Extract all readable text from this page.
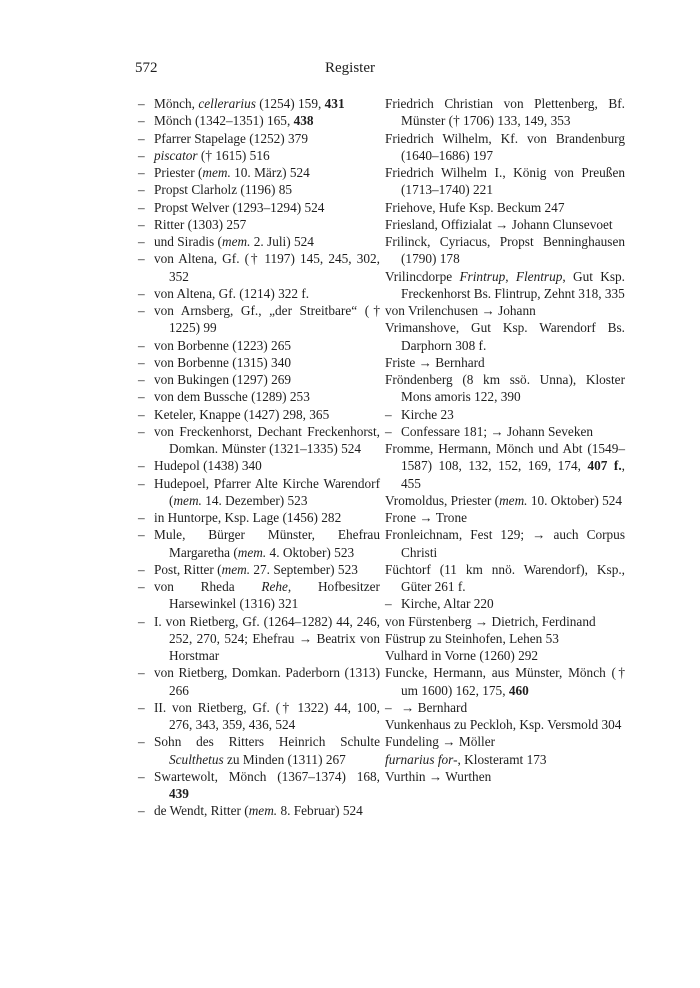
572	Register
– Mönch, cellerarius (1254) 159, 431
– Mönch (1342–1351) 165, 438
– Pfarrer Stapelage (1252) 379
– piscator († 1615) 516
– Priester (mem. 10. März) 524
– Propst Clarholz (1196) 85
– Propst Welver (1293–1294) 524
– Ritter (1303) 257
– und Siradis (mem. 2. Juli) 524
– von Altena, Gf. († 1197) 145, 245, 302, 352
– von Altena, Gf. (1214) 322 f.
– von Arnsberg, Gf., „der Streitbare“ († 1225) 99
– von Borbenne (1223) 265
– von Borbenne (1315) 340
– von Bukingen (1297) 269
– von dem Bussche (1289) 253
– Keteler, Knappe (1427) 298, 365
– von Freckenhorst, Dechant Freckenhorst, Domkan. Münster (1321–1335) 524
– Hudepol (1438) 340
– Hudepoel, Pfarrer Alte Kirche Warendorf (mem. 14. Dezember) 523
– in Huntorpe, Ksp. Lage (1456) 282
– Mule, Bürger Münster, Ehefrau Margaretha (mem. 4. Oktober) 523
– Post, Ritter (mem. 27. September) 523
– von Rheda Rehe, Hofbesitzer Harsewinkel (1316) 321
– I. von Rietberg, Gf. (1264–1282) 44, 246, 252, 270, 524; Ehefrau → Beatrix von Horstmar
– von Rietberg, Domkan. Paderborn (1313) 266
– II. von Rietberg, Gf. († 1322) 44, 100, 276, 343, 359, 436, 524
– Sohn des Ritters Heinrich Schulte Sculthetus zu Minden (1311) 267
– Swartewolt, Mönch (1367–1374) 168, 439
– de Wendt, Ritter (mem. 8. Februar) 524
Friedrich Christian von Plettenberg, Bf. Münster († 1706) 133, 149, 353
Friedrich Wilhelm, Kf. von Brandenburg (1640–1686) 197
Friedrich Wilhelm I., König von Preußen (1713–1740) 221
Friehove, Hufe Ksp. Beckum 247
Friesland, Offizialat → Johann Clunsevoet
Frilinck, Cyriacus, Propst Benninghausen (1790) 178
Vrilincdorpe Frintrup, Flentrup, Gut Ksp. Freckenhorst Bs. Flintrup, Zehnt 318, 335
von Vrilenchusen → Johann
Vrimanshove, Gut Ksp. Warendorf Bs. Darphorn 308 f.
Friste → Bernhard
Fröndenberg (8 km ssö. Unna), Kloster Mons amoris 122, 390
– Kirche 23
– Confessare 181; → Johann Seveken
Fromme, Hermann, Mönch und Abt (1549–1587) 108, 132, 152, 169, 174, 407 f., 455
Vromoldus, Priester (mem. 10. Oktober) 524
Frone → Trone
Fronleichnam, Fest 129; → auch Corpus Christi
Füchtorf (11 km nnö. Warendorf), Ksp., Güter 261 f.
– Kirche, Altar 220
von Fürstenberg → Dietrich, Ferdinand
Füstrup zu Steinhofen, Lehen 53
Vulhard in Vorne (1260) 292
Funcke, Hermann, aus Münster, Mönch († um 1600) 162, 175, 460
– → Bernhard
Vunkenhaus zu Peckloh, Ksp. Versmold 304
Fundeling → Möller
furnarius for-, Klosteramt 173
Vurthin → Wurthen
